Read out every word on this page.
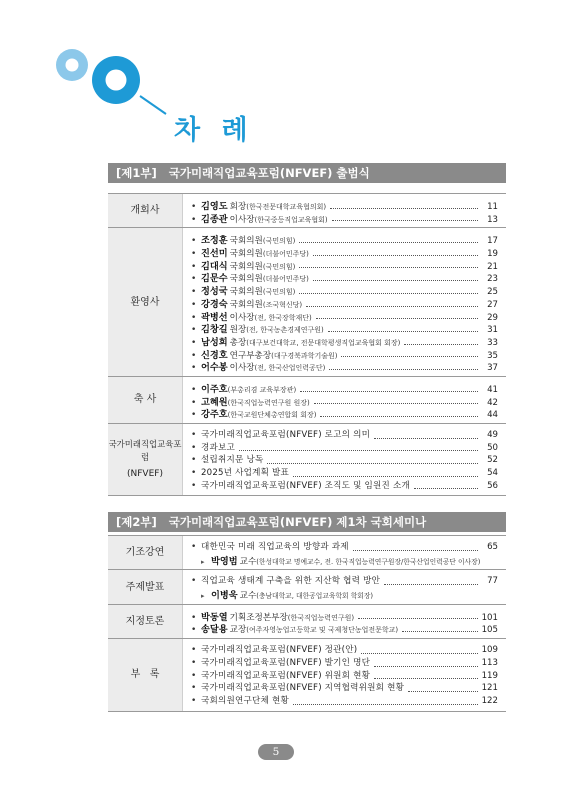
차 례
[제1부] 국가미래직업교육포럼(NFVEF) 출범식
개회사	• 김영도 회장 (한국전문대학교육협의회)	11
• 김종관 이사장 (한국중등직업교육협회)	13
환영사
• 조정훈 국회의원 (국민의힘)	17
• 진선미 국회의원 (더불어민주당)	19
• 김대식 국회의원 (국민의힘)	21
• 김문수 국회의원 (더불어민주당)	23
• 정성국 국회의원 (국민의힘)	25
• 강경숙 국회의원 (조국혁신당)	27
• 곽병선 이사장 (전, 한국장학재단)	29
• 김창길 원장 (전, 한국농촌경제연구원)	31
• 남성희 총장 (대구보건대학교, 전문대학평생직업교육협회 회장)	33
• 신경호 연구부총장 (대구경북과학기술원)	35
• 어수봉 이사장 (전, 한국산업인력공단)	37
축 사
• 이주호 (부총리겸 교육부장관)	41
• 고혜원 (한국직업능력연구원 원장)	42
• 강주호 (한국교원단체총연합회 회장)	44
국가미래직업교육포럼
(NFVEF)
• 국가미래직업교육포럼(NFVEF) 로고의 의미	49
• 경과보고	50
• 설립취지문 낭독	52
• 2025년 사업계획 발표	54
• 국가미래직업교육포럼(NFVEF) 조직도 및 임원진 소개	56
[제2부] 국가미래직업교육포럼(NFVEF) 제1차 국회세미나
기조강연
• 대한민국 미래 직업교육의 방향과 과제	65
▸ 박영범 교수 (한성대학교 명예교수, 전. 한국직업능력연구원장/한국산업인력공단 이사장)
주제발표
• 직업교육 생태계 구축을 위한 지산학 협력 방안	77
▸ 이병욱 교수 (충남대학교, 대한공업교육학회 학회장)
지정토론	• 박동열 기획조정본부장 (한국직업능력연구원)	101
• 송달용 교장 (여주자영농업고등학교 및 국제청단농업전문학교)	105
부   록
• 국가미래직업교육포럼(NFVEF) 정관(안)	109
• 국가미래직업교육포럼(NFVEF) 발기인 명단	113
• 국가미래직업교육포럼(NFVEF) 위원회 현황	119
• 국가미래직업교육포럼(NFVEF) 지역협력위원회 현황	121
• 국회의원연구단체 현황	122
5
